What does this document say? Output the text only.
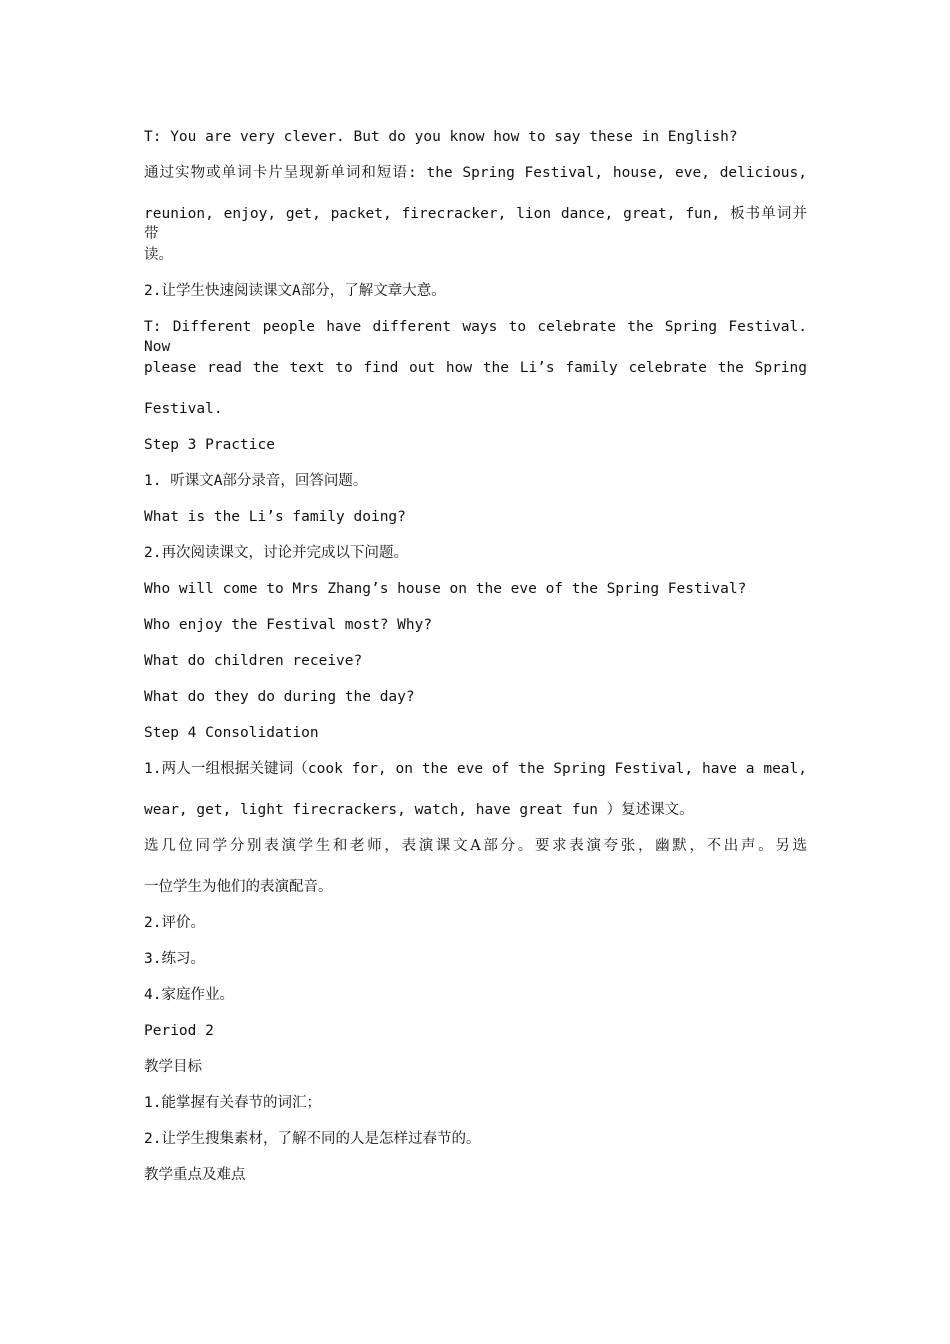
T: You are very clever. But do you know how to say these in English?
通过实物或单词卡片呈现新单词和短语: the Spring Festival, house, eve, delicious,
reunion, enjoy, get, packet, firecracker, lion dance, great, fun, 板书单词并带
读。
2.让学生快速阅读课文A部分，了解文章大意。
T: Different people have different ways to celebrate the Spring Festival. Now
please read the text to find out how the Li’s family celebrate the Spring
Festival.
Step 3 Practice
1. 听课文A部分录音，回答问题。
What is the Li’s family doing?
2.再次阅读课文，讨论并完成以下问题。
Who will come to Mrs Zhang’s house on the eve of the Spring Festival?
Who enjoy the Festival most? Why?
What do children receive?
What do they do during the day?
Step 4 Consolidation
1.两人一组根据关键词（cook for, on the eve of the Spring Festival, have a meal,
wear, get, light firecrackers, watch, have great fun ）复述课文。
选几位同学分别表演学生和老师，表演课文A部分。要求表演夸张，幽默，不出声。另选
一位学生为他们的表演配音。
2.评价。
3.练习。
4.家庭作业。
Period 2
教学目标
1.能掌握有关春节的词汇；
2.让学生搜集素材，了解不同的人是怎样过春节的。
教学重点及难点
